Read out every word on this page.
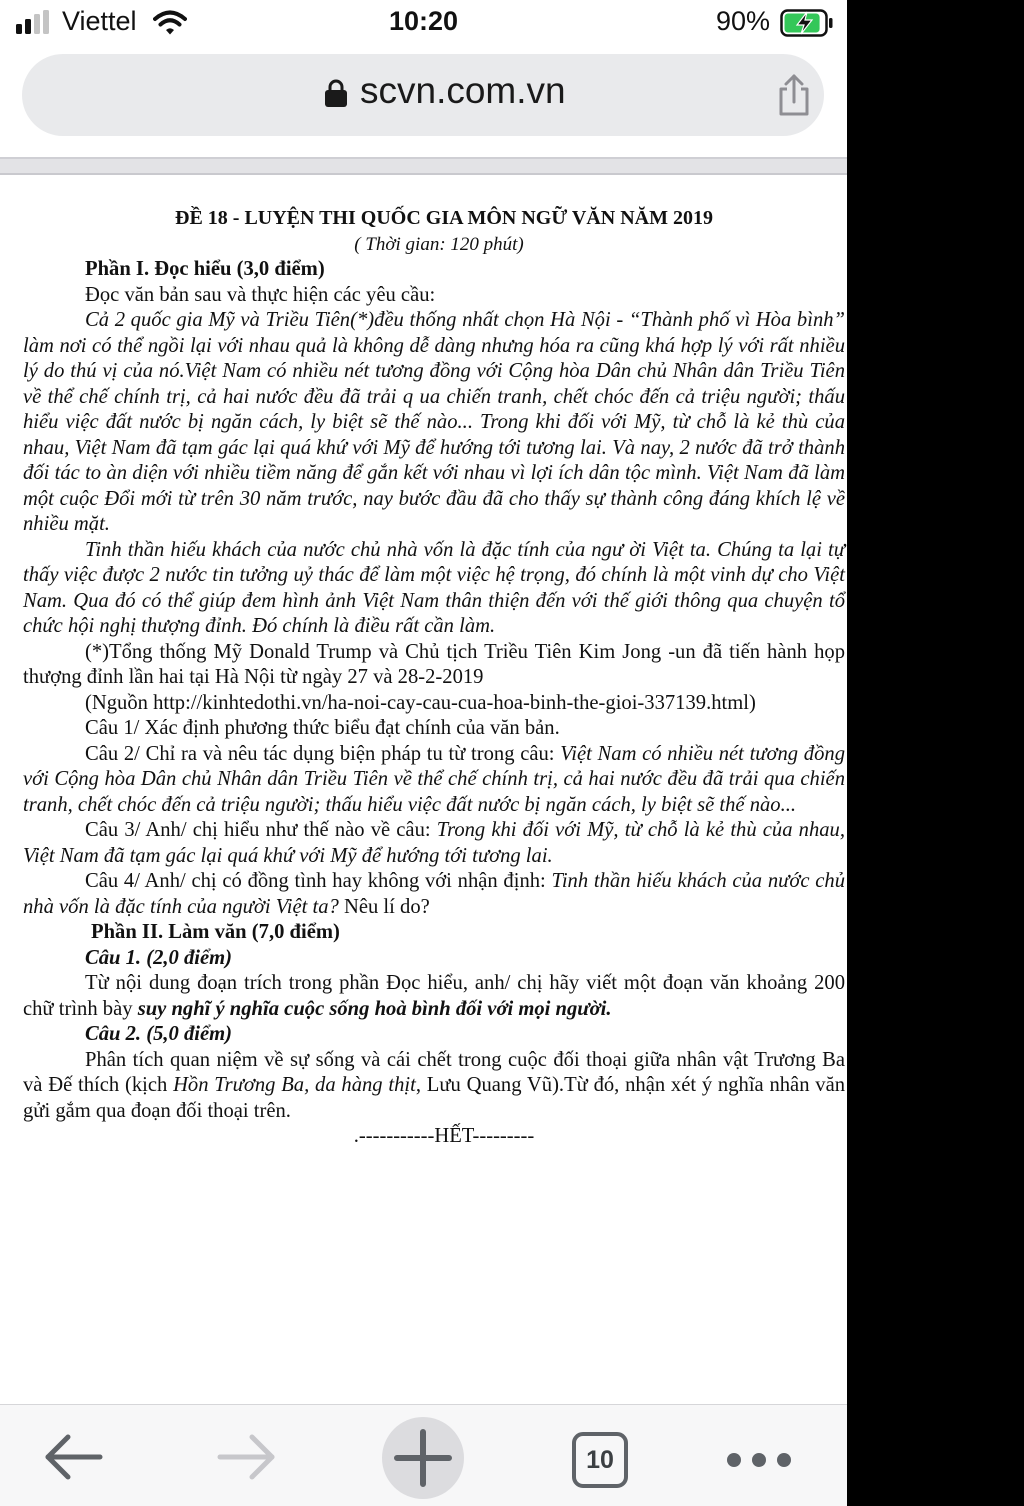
Viettel	10:20	90%
scvn.com.vn

ĐỀ 18 - LUYỆN THI QUỐC GIA MÔN NGỮ VĂN NĂM 2019

( Thời gian: 120 phút)

Phần I. Đọc hiểu (3,0 điểm)

Đọc văn bản sau và thực hiện các yêu cầu:

Cả 2 quốc gia Mỹ và Triều Tiên(*)đều thống nhất chọn Hà Nội - “Thành phố vì Hòa bình” làm nơi có thể ngồi lại với nhau quả là không dễ dàng nhưng hóa ra cũng khá hợp lý với rất nhiều lý do thú vị của nó.Việt Nam có nhiều nét tương đồng với Cộng hòa Dân chủ Nhân dân Triều Tiên về thể chế chính trị, cả hai nước đều đã trải q ua chiến tranh, chết chóc đến cả triệu người; thấu hiểu việc đất nước bị ngăn cách, ly biệt sẽ thế nào... Trong khi đối với Mỹ, từ chỗ là kẻ thù của nhau, Việt Nam đã tạm gác lại quá khứ với Mỹ để hướng tới tương lai. Và nay, 2 nước đã trở thành đối tác to àn diện với nhiều tiềm năng để gắn kết với nhau vì lợi ích dân tộc mình. Việt Nam đã làm một cuộc Đổi mới từ trên 30 năm trước, nay bước đầu đã cho thấy sự thành công đáng khích lệ về nhiều mặt.

Tinh thần hiếu khách của nước chủ nhà vốn là đặc tính của ngư ời Việt ta. Chúng ta lại tự thấy việc được 2 nước tin tưởng uỷ thác để làm một việc hệ trọng, đó chính là một vinh dự cho Việt Nam. Qua đó có thể giúp đem hình ảnh Việt Nam thân thiện đến với thế giới thông qua chuyện tổ chức hội nghị thượng đỉnh. Đó chính là điều rất cần làm.

(*)Tổng thống Mỹ Donald Trump và Chủ tịch Triều Tiên Kim Jong -un đã tiến hành họp thượng đỉnh lần hai tại Hà Nội từ ngày 27 và 28-2-2019

(Nguồn http://kinhtedothi.vn/ha-noi-cay-cau-cua-hoa-binh-the-gioi-337139.html)

Câu 1/ Xác định phương thức biểu đạt chính của văn bản.

Câu 2/ Chỉ ra và nêu tác dụng biện pháp tu từ trong câu: Việt Nam có nhiều nét tương đồng với Cộng hòa Dân chủ Nhân dân Triều Tiên về thể chế chính trị, cả hai nước đều đã trải qua chiến tranh, chết chóc đến cả triệu người; thấu hiểu việc đất nước bị ngăn cách, ly biệt sẽ thế nào...

Câu 3/ Anh/ chị hiểu như thế nào về câu: Trong khi đối với Mỹ, từ chỗ là kẻ thù của nhau, Việt Nam đã tạm gác lại quá khứ với Mỹ để hướng tới tương lai.

Câu 4/ Anh/ chị có đồng tình hay không với nhận định: Tinh thần hiếu khách của nước chủ nhà vốn là đặc tính của người Việt ta? Nêu lí do?

Phần II. Làm văn (7,0 điểm)

Câu 1. (2,0 điểm)

Từ nội dung đoạn trích trong phần Đọc hiểu, anh/ chị hãy viết một đoạn văn khoảng 200 chữ trình bày suy nghĩ ý nghĩa cuộc sống hoà bình đối với mọi người.

Câu 2. (5,0 điểm)

Phân tích quan niệm về sự sống và cái chết trong cuộc đối thoại giữa nhân vật Trương Ba và Đế thích (kịch Hồn Trương Ba, da hàng thịt, Lưu Quang Vũ).Từ đó, nhận xét ý nghĩa nhân văn gửi gắm qua đoạn đối thoại trên.

.-----------HẾT---------

10
